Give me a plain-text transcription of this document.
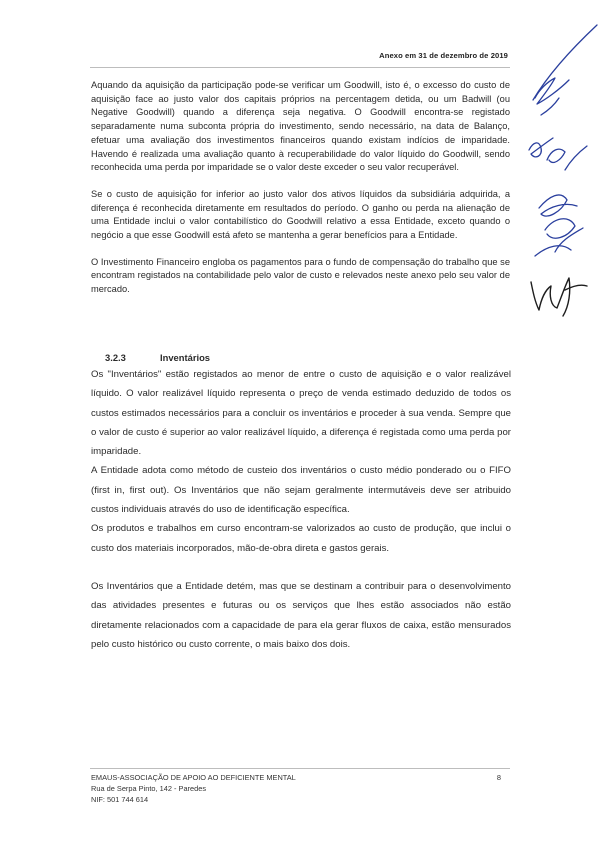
Anexo em 31 de dezembro de 2019

Aquando da aquisição da participação pode-se verificar um Goodwill, isto é, o excesso do custo de aquisição face ao justo valor dos capitais próprios na percentagem detida, ou um Badwill (ou Negative Goodwill) quando a diferença seja negativa. O Goodwill encontra-se registado separadamente numa subconta própria do investimento, sendo necessário, na data de Balanço, efetuar uma avaliação dos investimentos financeiros quando existam indícios de imparidade. Havendo é realizada uma avaliação quanto à recuperabilidade do valor líquido do Goodwill, sendo reconhecida uma perda por imparidade se o valor deste exceder o seu valor recuperável.

Se o custo de aquisição for inferior ao justo valor dos ativos líquidos da subsidiária adquirida, a diferença é reconhecida diretamente em resultados do período. O ganho ou perda na alienação de uma Entidade inclui o valor contabilístico do Goodwill relativo a essa Entidade, exceto quando o negócio a que esse Goodwill está afeto se mantenha a gerar benefícios para a Entidade.

O Investimento Financeiro engloba os pagamentos para o fundo de compensação do trabalho que se encontram registados na contabilidade pelo valor de custo e relevados neste anexo pelo seu valor de mercado.

3.2.3	Inventários

Os "Inventários" estão registados ao menor de entre o custo de aquisição e o valor realizável líquido. O valor realizável líquido representa o preço de venda estimado deduzido de todos os custos estimados necessários para a concluir os inventários e proceder à sua venda. Sempre que o valor de custo é superior ao valor realizável líquido, a diferença é registada como uma perda por imparidade.

A Entidade adota como método de custeio dos inventários o custo médio ponderado ou o FIFO (first in, first out). Os Inventários que não sejam geralmente intermutáveis deve ser atribuido custos individuais através do uso de identificação específica.

Os produtos e trabalhos em curso encontram-se valorizados ao custo de produção, que inclui o custo dos materiais incorporados, mão-de-obra direta e gastos gerais.

Os Inventários que a Entidade detém, mas que se destinam a contribuir para o desenvolvimento das atividades presentes e futuras ou os serviços que lhes estão associados não estão diretamente relacionados com a capacidade de para ela gerar fluxos de caixa, estão mensurados pelo custo histórico ou custo corrente, o mais baixo dos dois.

EMAUS-ASSOCIAÇÃO DE APOIO AO DEFICIENTE MENTAL
Rua de Serpa Pinto, 142 - Paredes
NIF: 501 744 614
8
